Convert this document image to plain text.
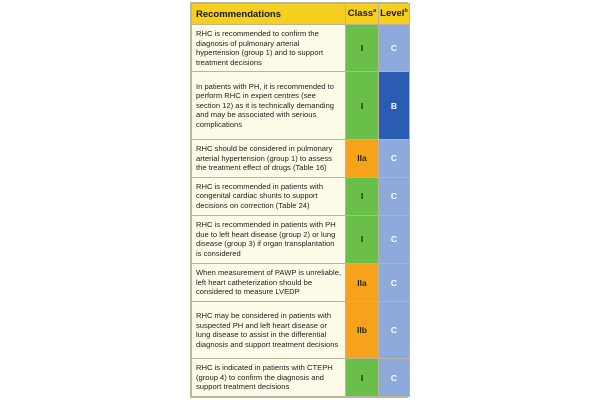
Recommendations	Class$^a$	Level$^b$
RHC is recommended to confirm the diagnosis of pulmonary arterial hypertension (group 1) and to support treatment decisions	I	C
In patients with PH, it is recommended to perform RHC in expert centres (see section 12) as it is technically demanding and may be associated with serious complications	I	B
RHC should be considered in pulmonary arterial hypertension (group 1) to assess the treatment effect of drugs (Table 16)	IIa	C
RHC is recommended in patients with congenital cardiac shunts to support decisions on correction (Table 24)	I	C
RHC is recommended in patients with PH due to left heart disease (group 2) or lung disease (group 3) if organ transplantation is considered	I	C
When measurement of PAWP is unreliable, left heart catheterization should be considered to measure LVEDP	IIa	C
RHC may be considered in patients with suspected PH and left heart disease or lung disease to assist in the differential diagnosis and support treatment decisions	IIb	C
RHC is indicated in patients with CTEPH (group 4) to confirm the diagnosis and support treatment decisions	I	C
